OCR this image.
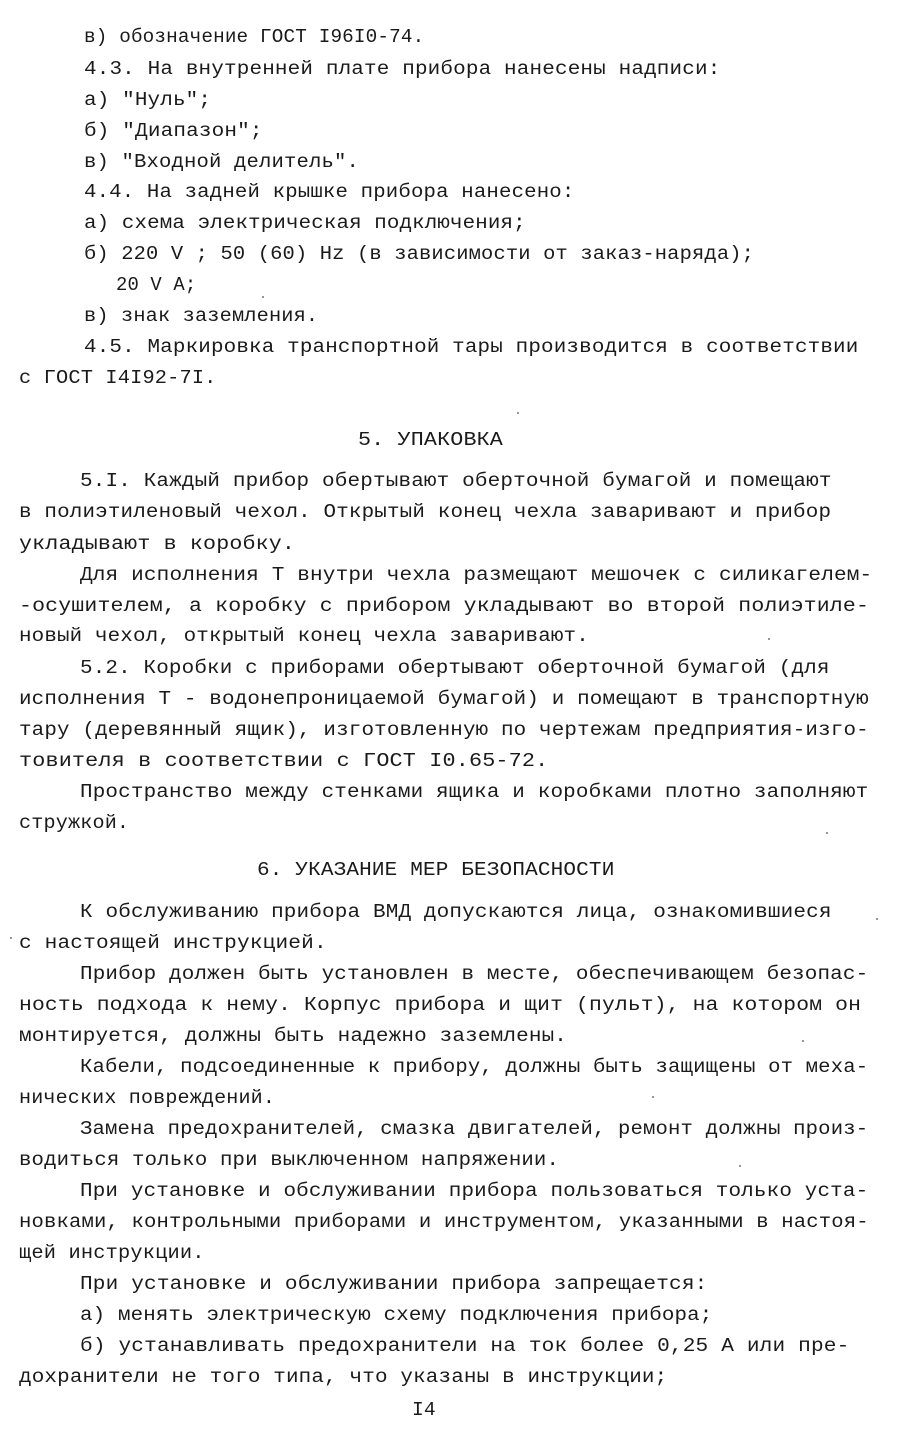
в) обозначение ГОСТ I96I0-74.
4.3. На внутренней плате прибора нанесены надписи:
а) "Нуль";
б) "Диапазон";
в) "Входной делитель".
4.4. На задней крышке прибора нанесено:
а) схема электрическая подключения;
б) 220 V ; 50 (60) Hz (в зависимости от заказ-наряда);
20 V A;
в) знак заземления.
4.5. Маркировка транспортной тары производится в соответствии
с ГОСТ I4I92-7I.
5. УПАКОВКА
5.I. Каждый прибор обертывают оберточной бумагой и помещают
в полиэтиленовый чехол. Открытый конец чехла заваривают и прибор
укладывают в коробку.
Для исполнения Т внутри чехла размещают мешочек с силикагелем-
-осушителем, а коробку с прибором укладывают во второй полиэтиле-
новый чехол, открытый конец чехла заваривают.
5.2. Коробки с приборами обертывают оберточной бумагой (для
исполнения Т - водонепроницаемой бумагой) и помещают в транспортную
тару (деревянный ящик), изготовленную по чертежам предприятия-изго-
товителя в соответствии с ГОСТ I0.65-72.
Пространство между стенками ящика и коробками плотно заполняют
стружкой.
6. УКАЗАНИЕ МЕР БЕЗОПАСНОСТИ
К обслуживанию прибора ВМД допускаются лица, ознакомившиеся
с настоящей инструкцией.
Прибор должен быть установлен в месте, обеспечивающем безопас-
ность подхода к нему. Корпус прибора и щит (пульт), на котором он
монтируется, должны быть надежно заземлены.
Кабели, подсоединенные к прибору, должны быть защищены от меха-
нических повреждений.
Замена предохранителей, смазка двигателей, ремонт должны произ-
водиться только при выключенном напряжении.
При установке и обслуживании прибора пользоваться только уста-
новками, контрольными приборами и инструментом, указанными в настоя-
щей инструкции.
При установке и обслуживании прибора запрещается:
а) менять электрическую схему подключения прибора;
б) устанавливать предохранители на ток более 0,25 А или пре-
дохранители не того типа, что указаны в инструкции;
I4
